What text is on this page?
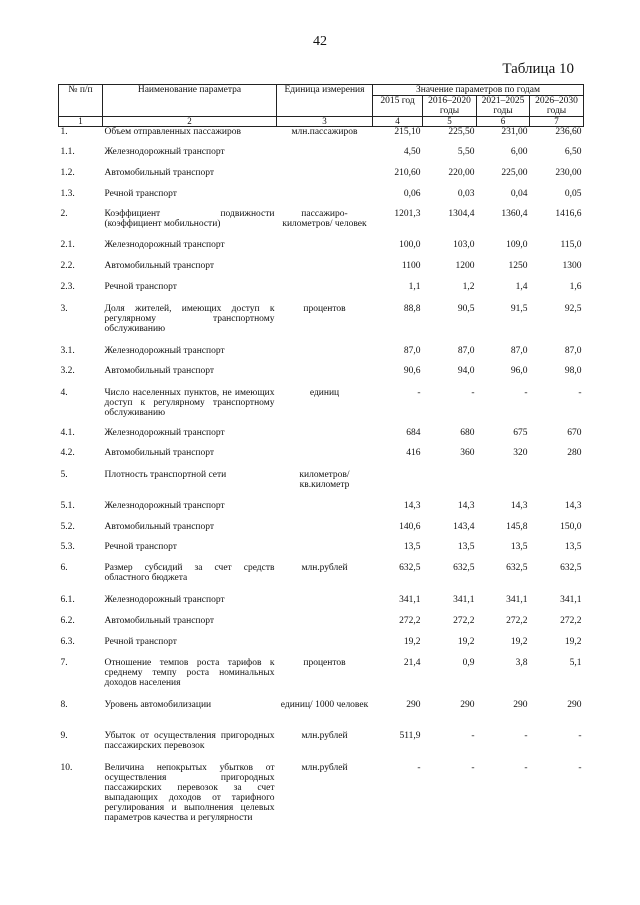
42
Таблица 10
№ п/п	Наименование параметра	Единица измерения	Значение параметров по годам			
			2015 год	2016–2020 годы	2021–2025 годы	2026–2030 годы
1	2	3	4	5	6	7
1.	Объем отправленных пассажиров	млн.пассажиров	215,10	225,50	231,00	236,60
1.1.	Железнодорожный транспорт		4,50	5,50	6,00	6,50
1.2.	Автомобильный транспорт		210,60	220,00	225,00	230,00
1.3.	Речной транспорт		0,06	0,03	0,04	0,05
2.	Коэффициент подвижности (коэффициент мобильности)	пассажиро-километров/ человек	1201,3	1304,4	1360,4	1416,6
2.1.	Железнодорожный транспорт		100,0	103,0	109,0	115,0
2.2.	Автомобильный транспорт		1100	1200	1250	1300
2.3.	Речной транспорт		1,1	1,2	1,4	1,6
3.	Доля жителей, имеющих доступ к регулярному транспортному обслуживанию	процентов	88,8	90,5	91,5	92,5
3.1.	Железнодорожный транспорт		87,0	87,0	87,0	87,0
3.2.	Автомобильный транспорт		90,6	94,0	96,0	98,0
4.	Число населенных пунктов, не имеющих доступ к регулярному транспортному обслуживанию	единиц	-	-	-	-
4.1.	Железнодорожный транспорт		684	680	675	670
4.2.	Автомобильный транспорт		416	360	320	280
5.	Плотность транспортной сети	километров/ кв.километр				
5.1.	Железнодорожный транспорт		14,3	14,3	14,3	14,3
5.2.	Автомобильный транспорт		140,6	143,4	145,8	150,0
5.3.	Речной транспорт		13,5	13,5	13,5	13,5
6.	Размер субсидий за счет средств областного бюджета	млн.рублей	632,5	632,5	632,5	632,5
6.1.	Железнодорожный транспорт		341,1	341,1	341,1	341,1
6.2.	Автомобильный транспорт		272,2	272,2	272,2	272,2
6.3.	Речной транспорт		19,2	19,2	19,2	19,2
7.	Отношение темпов роста тарифов к среднему темпу роста номинальных доходов населения	процентов	21,4	0,9	3,8	5,1
8.	Уровень автомобилизации	единиц/ 1000 человек	290	290	290	290
9.	Убыток от осуществления пригородных пассажирских перевозок	млн.рублей	511,9	-	-	-
10.	Величина непокрытых убытков от осуществления пригородных пассажирских перевозок за счет выпадающих доходов от тарифного регулирования и выполнения целевых параметров качества и регулярности	млн.рублей	-	-	-	-
